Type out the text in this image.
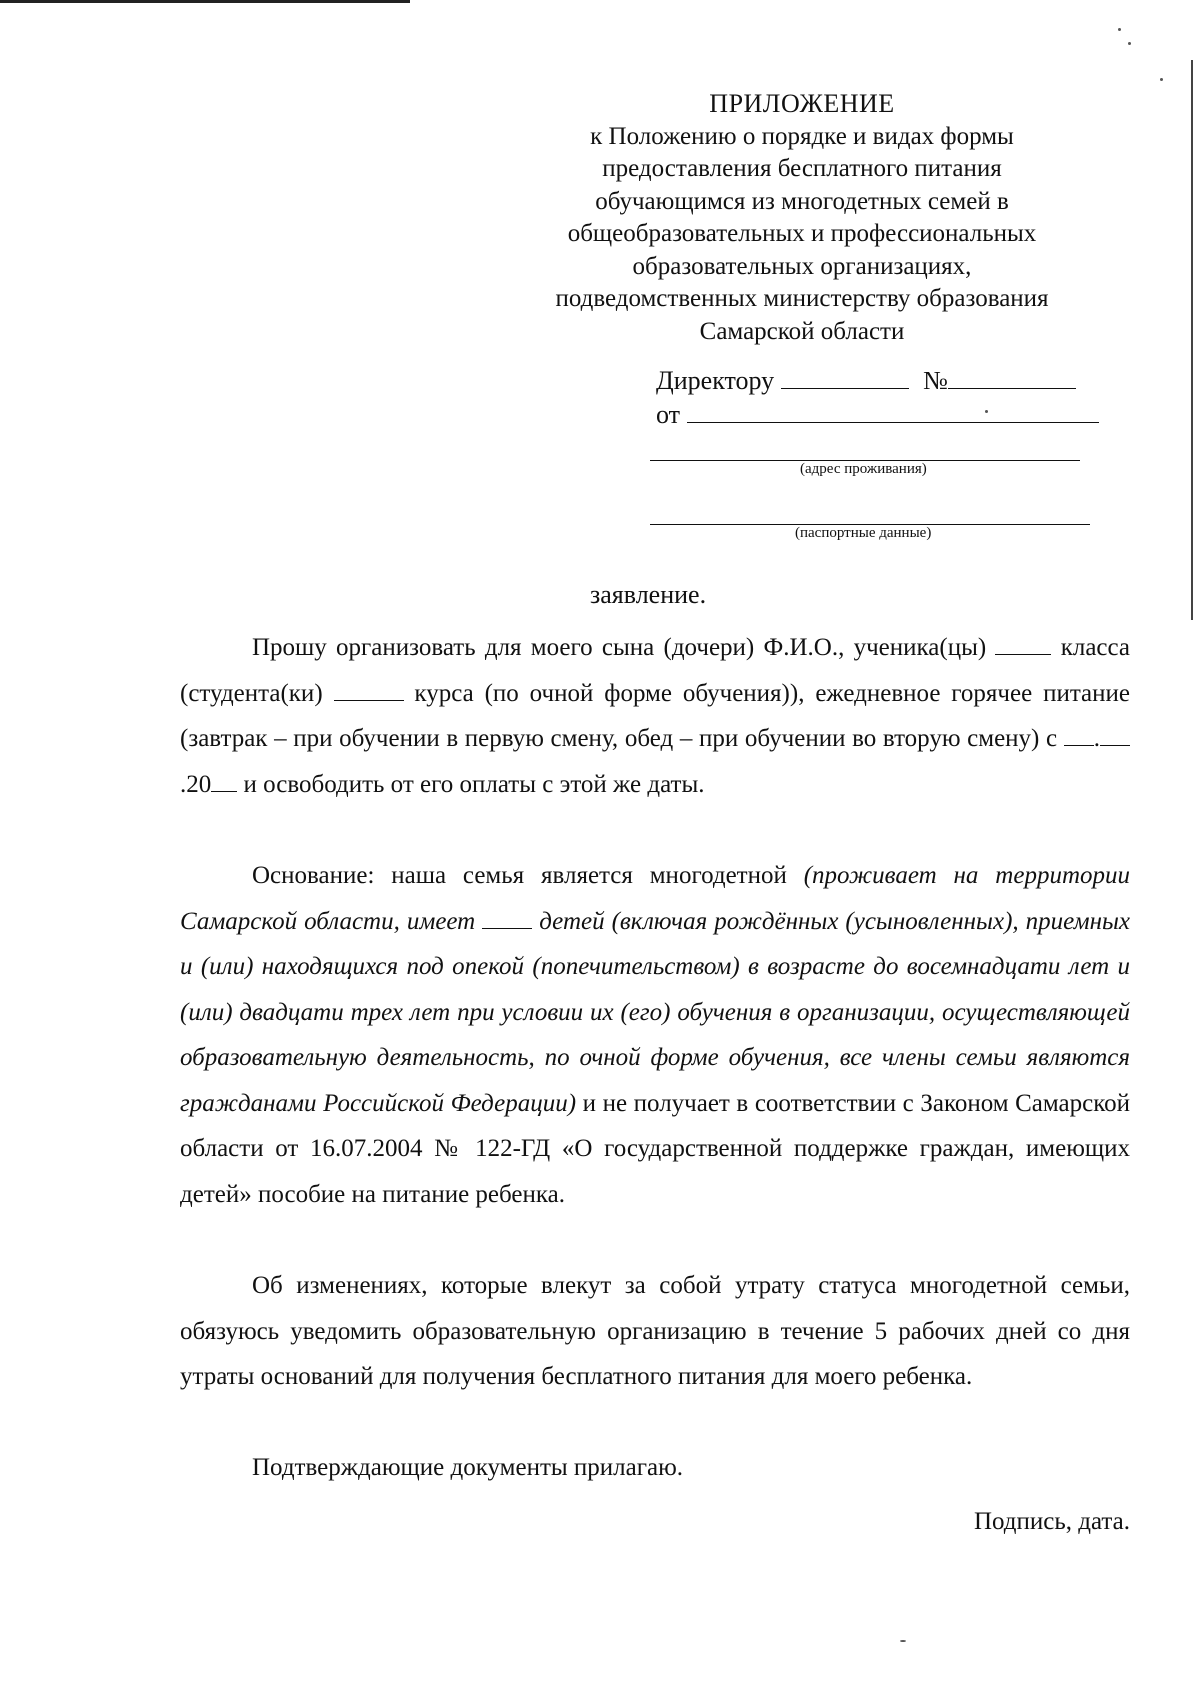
ПРИЛОЖЕНИЕ
к Положению о порядке и видах формы
предоставления бесплатного питания
обучающимся из многодетных семей в
общеобразовательных и профессиональных
образовательных организациях,
подведомственных министерству образования
Самарской области
Директору	№
от
(адрес проживания)
(паспортные данные)
заявление.
Прошу организовать для моего сына (дочери) Ф.И.О., ученика(цы)	класса (студента(ки)	курса (по очной форме обучения)), ежедневное горячее питание (завтрак – при обучении в первую смену, обед – при обучении во вторую смену) с ..20 и освободить от его оплаты с этой же даты.
Основание: наша семья является многодетной (проживает на территории Самарской области, имеет	детей (включая рождённых (усыновленных), приемных и (или) находящихся под опекой (попечительством) в возрасте до восемнадцати лет и (или) двадцати трех лет при условии их (его) обучения в организации, осуществляющей образовательную деятельность, по очной форме обучения, все члены семьи являются гражданами Российской Федерации) и не получает в соответствии с Законом Самарской области от 16.07.2004 № 122-ГД «О государственной поддержке граждан, имеющих детей» пособие на питание ребенка.
Об изменениях, которые влекут за собой утрату статуса многодетной семьи, обязуюсь уведомить образовательную организацию в течение 5 рабочих дней со дня утраты оснований для получения бесплатного питания для моего ребенка.
Подтверждающие документы прилагаю.
Подпись, дата.
